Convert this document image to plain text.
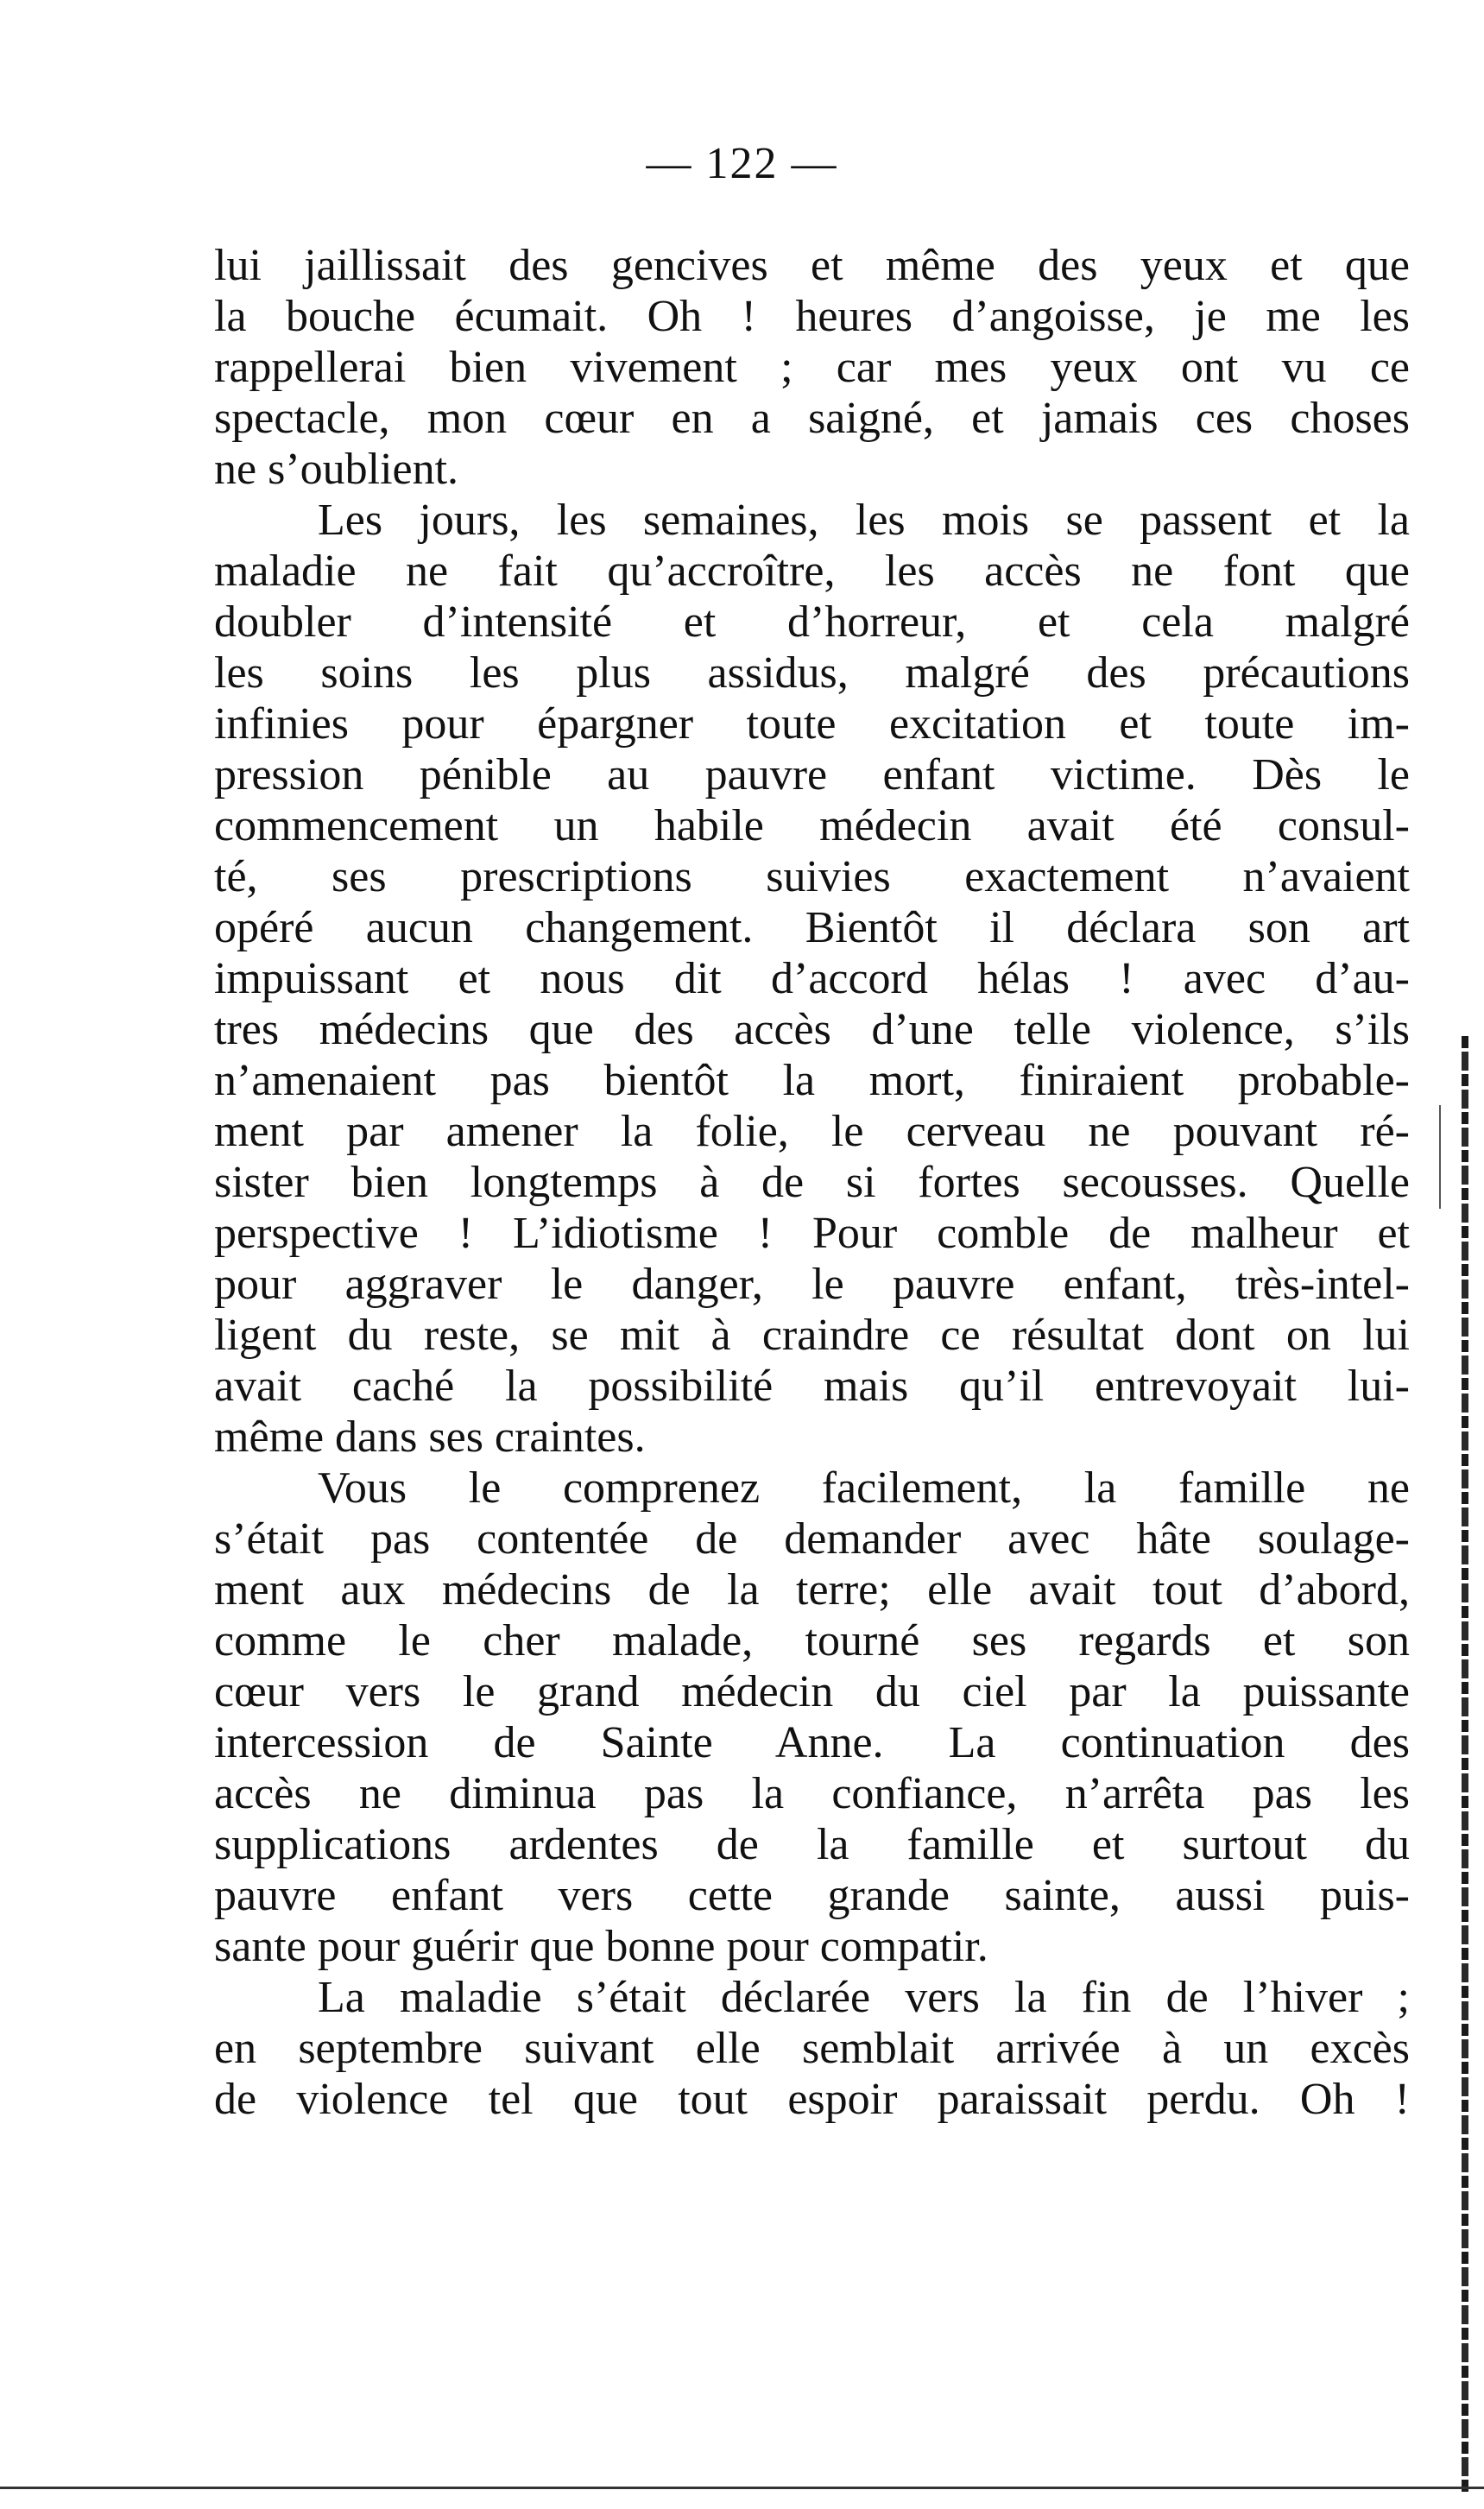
— 122 —
lui jaillissait des gencives et même des yeux et que
la bouche écumait. Oh ! heures d’angoisse, je me les
rappellerai bien vivement ; car mes yeux ont vu ce
spectacle, mon cœur en a saigné, et jamais ces choses
ne s’oublient.
Les jours, les semaines, les mois se passent et la
maladie ne fait qu’accroître, les accès ne font que
doubler d’intensité et d’horreur, et cela malgré
les soins les plus assidus, malgré des précautions
infinies pour épargner toute excitation et toute im-
pression pénible au pauvre enfant victime. Dès le
commencement un habile médecin avait été consul-
té, ses prescriptions suivies exactement n’avaient
opéré aucun changement. Bientôt il déclara son art
impuissant et nous dit d’accord hélas ! avec d’au-
tres médecins que des accès d’une telle violence, s’ils
n’amenaient pas bientôt la mort, finiraient probable-
ment par amener la folie, le cerveau ne pouvant ré-
sister bien longtemps à de si fortes secousses. Quelle
perspective ! L’idiotisme ! Pour comble de malheur et
pour aggraver le danger, le pauvre enfant, très-intel-
ligent du reste, se mit à craindre ce résultat dont on lui
avait caché la possibilité mais qu’il entrevoyait lui-
même dans ses craintes.
Vous le comprenez facilement, la famille ne
s’était pas contentée de demander avec hâte soulage-
ment aux médecins de la terre; elle avait tout d’abord,
comme le cher malade, tourné ses regards et son
cœur vers le grand médecin du ciel par la puissante
intercession de Sainte Anne. La continuation des
accès ne diminua pas la confiance, n’arrêta pas les
supplications ardentes de la famille et surtout du
pauvre enfant vers cette grande sainte, aussi puis-
sante pour guérir que bonne pour compatir.
La maladie s’était déclarée vers la fin de l’hiver ;
en septembre suivant elle semblait arrivée à un excès
de violence tel que tout espoir paraissait perdu. Oh !
